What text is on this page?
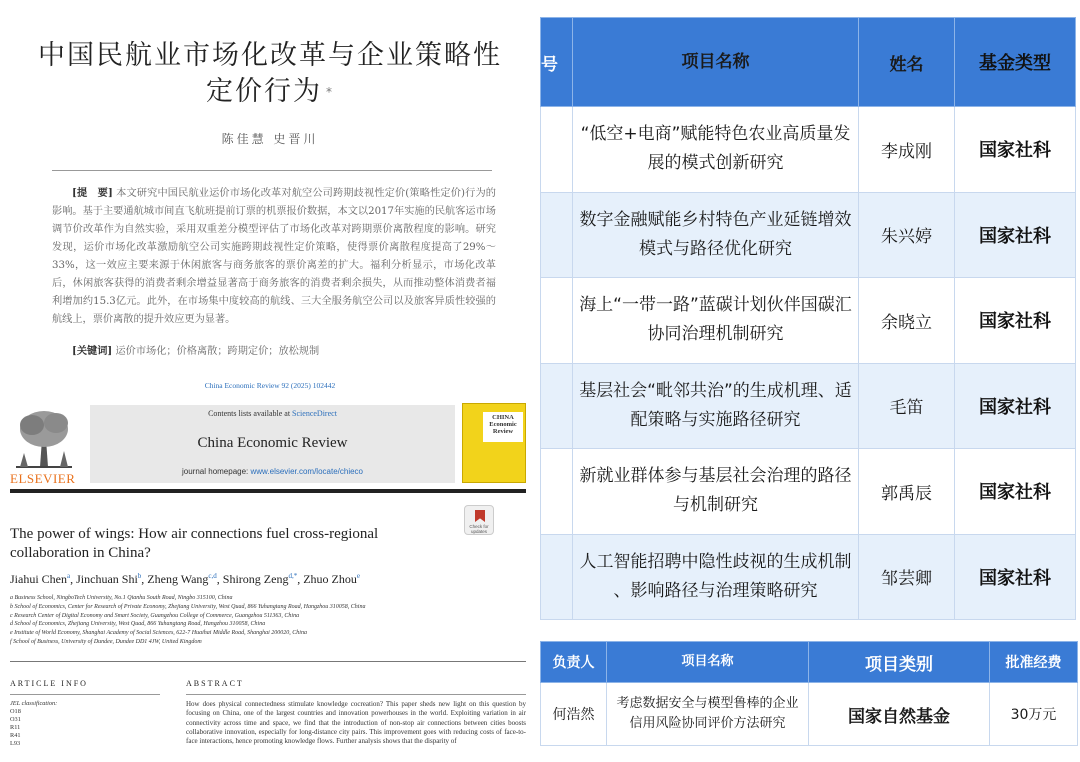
中国民航业市场化改革与企业策略性
定价行为 *
陈佳慧 史晋川
[提　要] 本文研究中国民航业运价市场化改革对航空公司跨期歧视性定价(策略性定价)行为的影响。基于主要通航城市间直飞航班提前订票的机票报价数据，本文以2017年实施的民航客运市场调节价改革作为自然实验，采用双重差分模型评估了市场化改革对跨期票价离散程度的影响。研究发现，运价市场化改革激励航空公司实施跨期歧视性定价策略，使得票价离散程度提高了29%～33%，这一效应主要来源于休闲旅客与商务旅客的票价离差的扩大。福利分析显示，市场化改革后，休闲旅客获得的消费者剩余增益显著高于商务旅客的消费者剩余损失，从而推动整体消费者福利增加约15.3亿元。此外，在市场集中度较高的航线、三大全服务航空公司以及旅客异质性较强的航线上，票价离散的提升效应更为显著。
[关键词] 运价市场化；价格离散；跨期定价；放松规制
China Economic Review 92 (2025) 102442
ELSEVIER
Contents lists available at ScienceDirect
China Economic Review
journal homepage: www.elsevier.com/locate/chieco
CHINA Economic Review
Check for updates
The power of wings: How air connections fuel cross-regional collaboration in China?
Jiahui Chen$^a$, Jinchuan Shi$^b$, Zheng Wang$^{c,d}$, Shirong Zeng$^{d,*}$, Zhuo Zhou$^e$
a Business School, NingboTech University, No.1 Qianhu South Road, Ningbo 315100, China
b School of Economics, Center for Research of Private Economy, Zhejiang University, West Quad, 866 Yuhangtang Road, Hangzhou 310058, China
c Research Center of Digital Economy and Smart Society, Guangzhou College of Commerce, Guangzhou 511363, China
d School of Economics, Zhejiang University, West Quad, 866 Yuhangtang Road, Hangzhou 310058, China
e Institute of World Economy, Shanghai Academy of Social Sciences, 622-7 Huaihai Middle Road, Shanghai 200020, China
f School of Business, University of Dundee, Dundee DD1 4JW, United Kingdom
ARTICLE INFO	ABSTRACT
JEL classification:
O18
O31
R11
R41
L93
How does physical connectedness stimulate knowledge cocreation? This paper sheds new light on this question by focusing on China, one of the largest countries and innovation powerhouses in the world. Exploiting variation in air connectivity across time and space, we find that the introduction of non-stop air connections between cities boosts collaborative innovation, especially for long-distance city pairs. This improvement goes with reducing costs of face-to-face interactions, hence promoting knowledge flows. Further analysis shows that the disparity of
号	项目名称	姓名	基金类型
	“低空+电商”赋能特色农业高质量发展的模式创新研究	李成刚	国家社科
	数字金融赋能乡村特色产业延链增效模式与路径优化研究	朱兴婷	国家社科
	海上“一带一路”蓝碳计划伙伴国碳汇协同治理机制研究	余晓立	国家社科
	基层社会“毗邻共治”的生成机理、适配策略与实施路径研究	毛笛	国家社科
	新就业群体参与基层社会治理的路径与机制研究	郭禹辰	国家社科
	人工智能招聘中隐性歧视的生成机制 、影响路径与治理策略研究	邹芸卿	国家社科
负责人	项目名称	项目类别	批准经费
何浩然	考虑数据安全与模型鲁棒的企业信用风险协同评价方法研究	国家自然基金	30万元
